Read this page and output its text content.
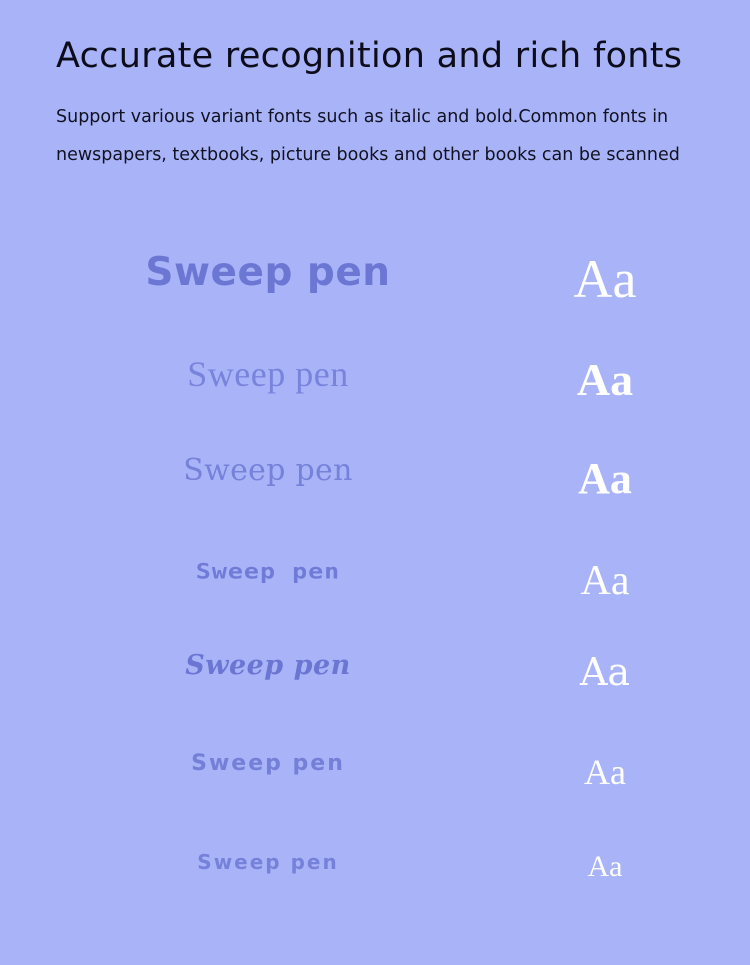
Accurate recognition and rich fonts

Support various variant fonts such as italic and bold.Common fonts in newspapers, textbooks, picture books and other books can be scanned

Sweep pen	Aa
Sweep pen	Aa
Sweep pen	Aa
Sweep pen	Aa
Sweep pen	Aa
Sweep pen	Aa
Sweep pen	Aa
